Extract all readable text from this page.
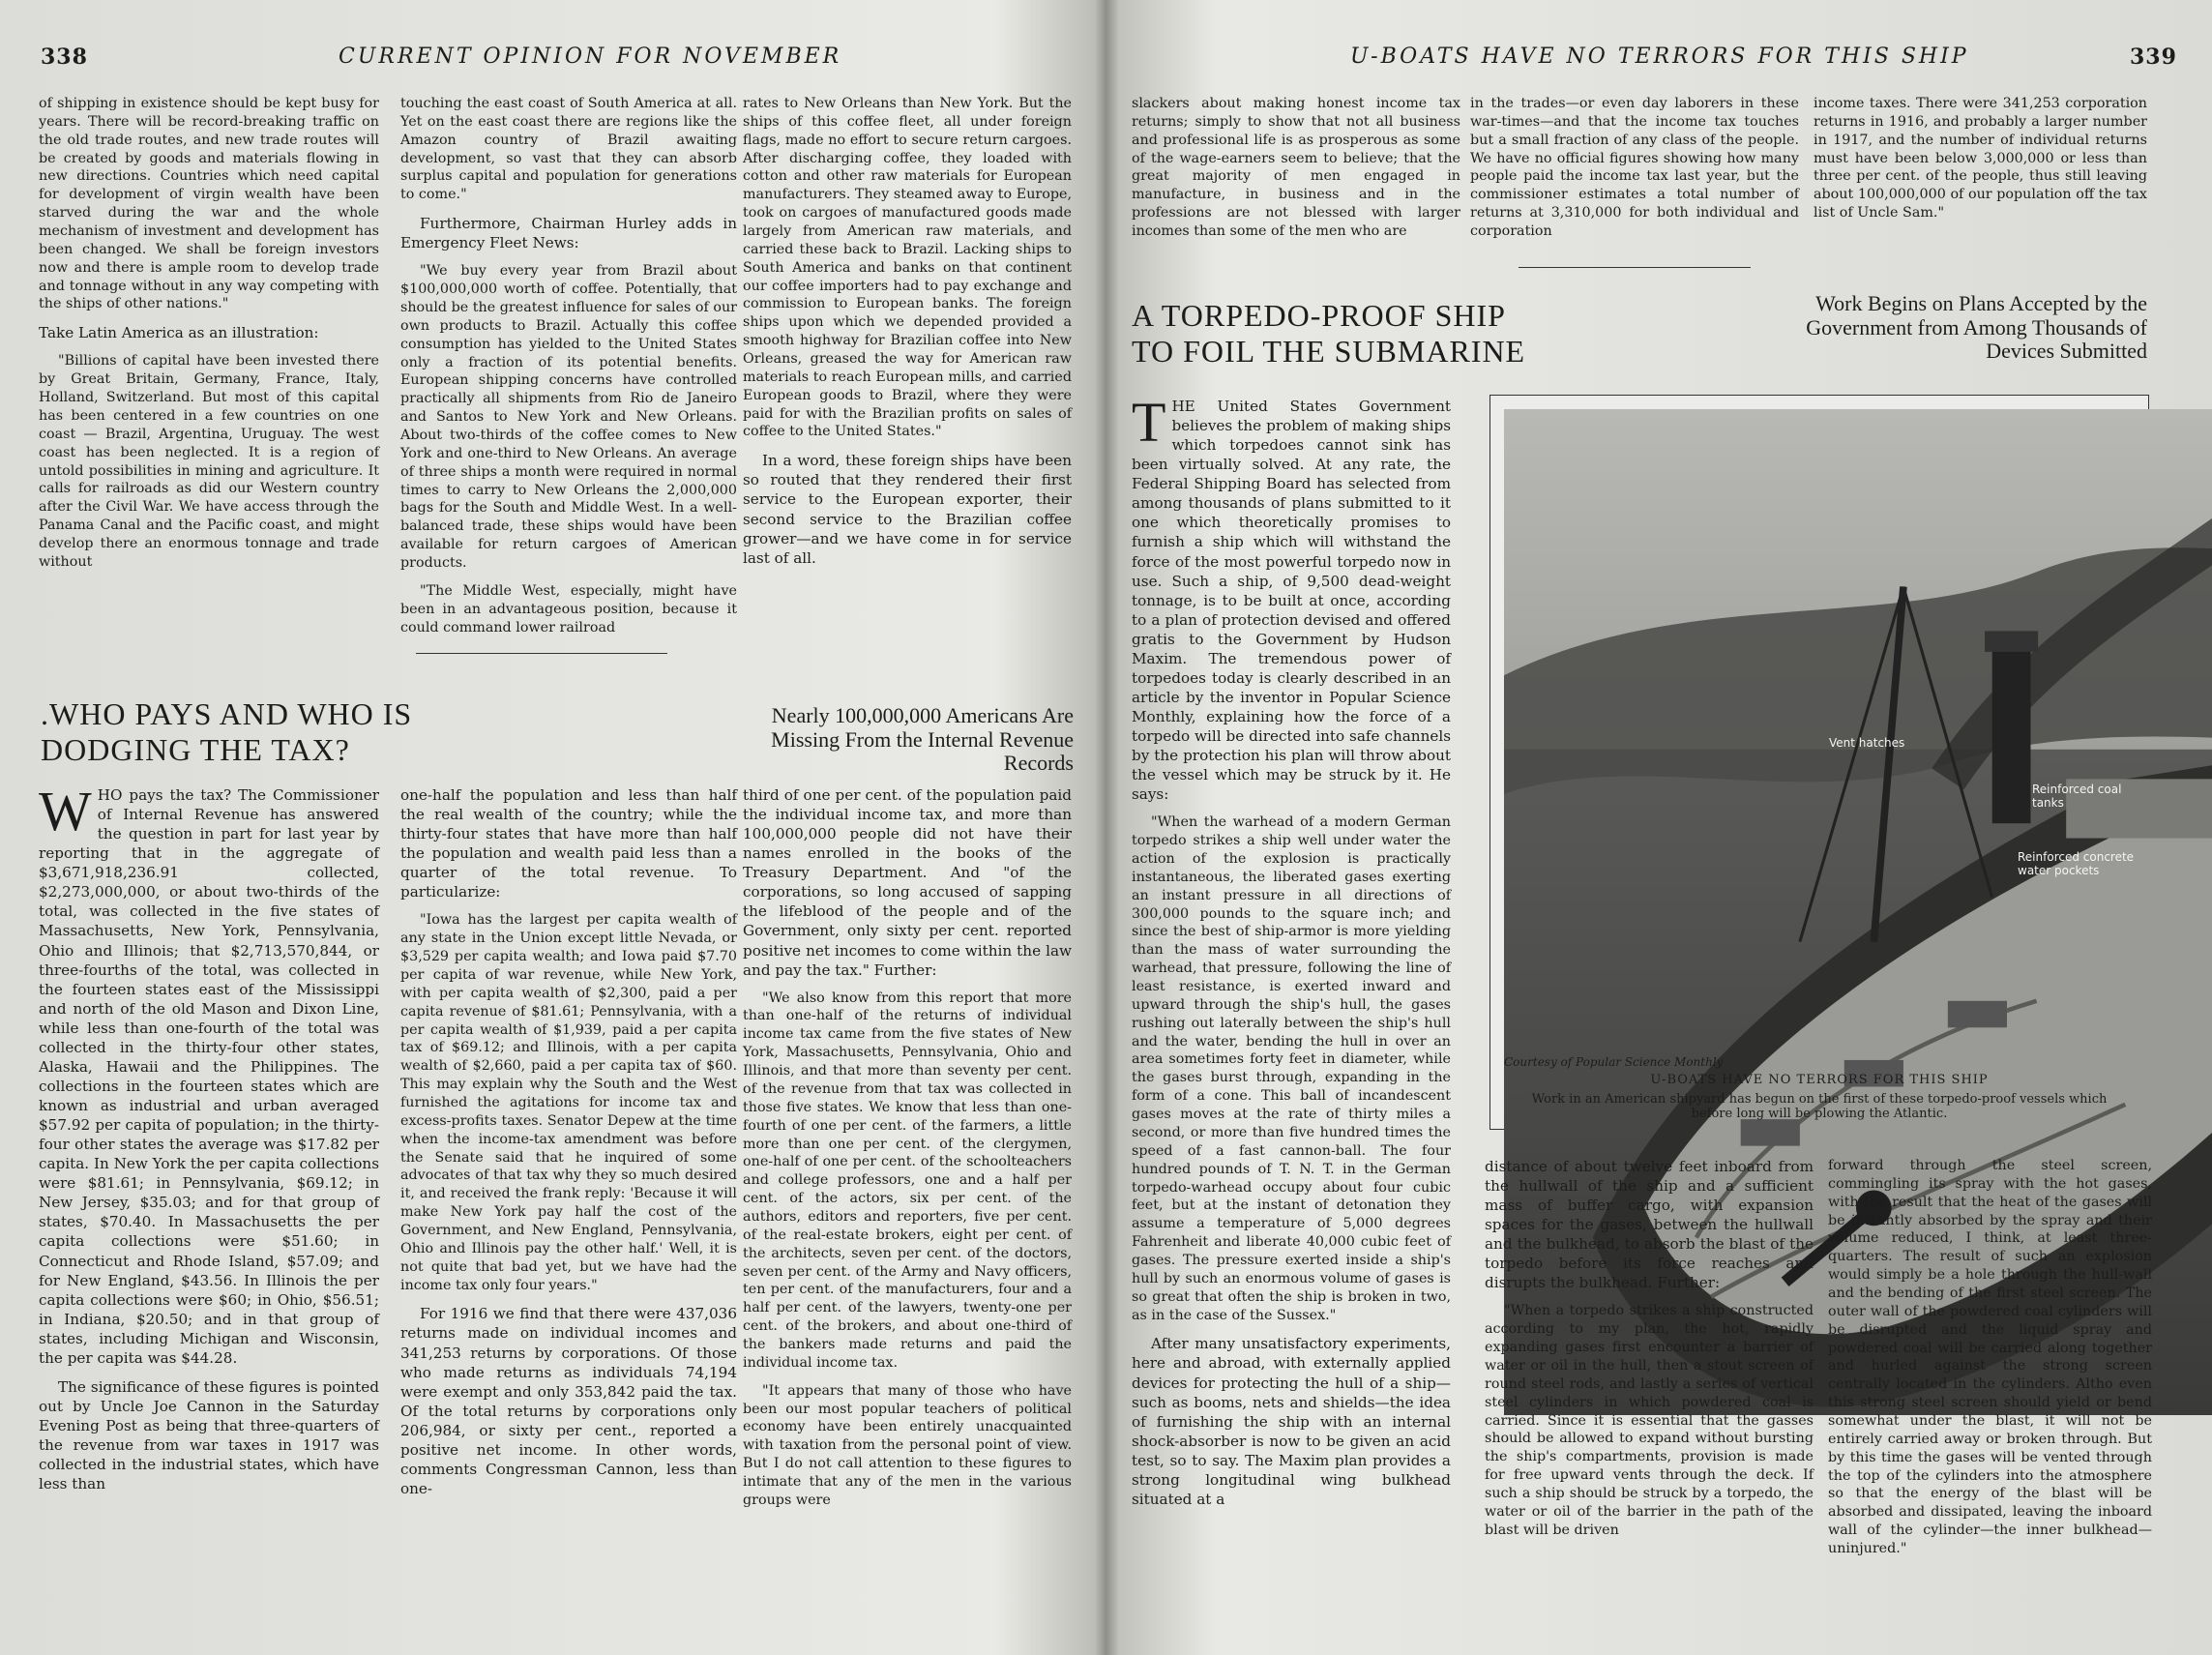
338	CURRENT OPINION FOR NOVEMBER

of shipping in existence should be kept busy for years. There will be record-breaking traffic on the old trade routes, and new trade routes will be created by goods and materials flowing in new directions. Countries which need capital for development of virgin wealth have been starved during the war and the whole mechanism of investment and development has been changed. We shall be foreign investors now and there is ample room to develop trade and tonnage without in any way competing with the ships of other nations."

Take Latin America as an illustration:

"Billions of capital have been invested there by Great Britain, Germany, France, Italy, Holland, Switzerland. But most of this capital has been centered in a few countries on one coast — Brazil, Argentina, Uruguay. The west coast has been neglected. It is a region of untold possibilities in mining and agriculture. It calls for railroads as did our Western country after the Civil War. We have access through the Panama Canal and the Pacific coast, and might develop there an enormous tonnage and trade without

touching the east coast of South America at all. Yet on the east coast there are regions like the Amazon country of Brazil awaiting development, so vast that they can absorb surplus capital and population for generations to come."

Furthermore, Chairman Hurley adds in Emergency Fleet News:

"We buy every year from Brazil about $100,000,000 worth of coffee. Potentially, that should be the greatest influence for sales of our own products to Brazil. Actually this coffee consumption has yielded to the United States only a fraction of its potential benefits. European shipping concerns have controlled practically all shipments from Rio de Janeiro and Santos to New York and New Orleans. About two-thirds of the coffee comes to New York and one-third to New Orleans. An average of three ships a month were required in normal times to carry to New Orleans the 2,000,000 bags for the South and Middle West. In a well-balanced trade, these ships would have been available for return cargoes of American products.

"The Middle West, especially, might have been in an advantageous position, because it could command lower railroad

rates to New Orleans than New York. But the ships of this coffee fleet, all under foreign flags, made no effort to secure return cargoes. After discharging coffee, they loaded with cotton and other raw materials for European manufacturers. They steamed away to Europe, took on cargoes of manufactured goods made largely from American raw materials, and carried these back to Brazil. Lacking ships to South America and banks on that continent our coffee importers had to pay exchange and commission to European banks. The foreign ships upon which we depended provided a smooth highway for Brazilian coffee into New Orleans, greased the way for American raw materials to reach European mills, and carried European goods to Brazil, where they were paid for with the Brazilian profits on sales of coffee to the United States."

In a word, these foreign ships have been so routed that they rendered their first service to the European exporter, their second service to the Brazilian coffee grower—and we have come in for service last of all.

.WHO PAYS AND WHO IS DODGING THE TAX?
Nearly 100,000,000 Americans Are Missing From the Internal Revenue Records

WHO pays the tax? The Commissioner of Internal Revenue has answered the question in part for last year by reporting that in the aggregate of $3,671,918,236.91 collected, $2,273,000,000, or about two-thirds of the total, was collected in the five states of Massachusetts, New York, Pennsylvania, Ohio and Illinois; that $2,713,570,844, or three-fourths of the total, was collected in the fourteen states east of the Mississippi and north of the old Mason and Dixon Line, while less than one-fourth of the total was collected in the thirty-four other states, Alaska, Hawaii and the Philippines. The collections in the fourteen states which are known as industrial and urban averaged $57.92 per capita of population; in the thirty-four other states the average was $17.82 per capita. In New York the per capita collections were $81.61; in Pennsylvania, $69.12; in New Jersey, $35.03; and for that group of states, $70.40. In Massachusetts the per capita collections were $51.60; in Connecticut and Rhode Island, $57.09; and for New England, $43.56. In Illinois the per capita collections were $60; in Ohio, $56.51; in Indiana, $20.50; and in that group of states, including Michigan and Wisconsin, the per capita was $44.28.

The significance of these figures is pointed out by Uncle Joe Cannon in the Saturday Evening Post as being that three-quarters of the revenue from war taxes in 1917 was collected in the industrial states, which have less than

one-half the population and less than half the real wealth of the country; while the thirty-four states that have more than half the population and wealth paid less than a quarter of the total revenue. To particularize:

"Iowa has the largest per capita wealth of any state in the Union except little Nevada, or $3,529 per capita wealth; and Iowa paid $7.70 per capita of war revenue, while New York, with per capita wealth of $2,300, paid a per capita revenue of $81.61; Pennsylvania, with a per capita wealth of $1,939, paid a per capita tax of $69.12; and Illinois, with a per capita wealth of $2,660, paid a per capita tax of $60. This may explain why the South and the West furnished the agitations for income tax and excess-profits taxes. Senator Depew at the time when the income-tax amendment was before the Senate said that he inquired of some advocates of that tax why they so much desired it, and received the frank reply: 'Because it will make New York pay half the cost of the Government, and New England, Pennsylvania, Ohio and Illinois pay the other half.' Well, it is not quite that bad yet, but we have had the income tax only four years."

For 1916 we find that there were 437,036 returns made on individual incomes and 341,253 returns by corporations. Of those who made returns as individuals 74,194 were exempt and only 353,842 paid the tax. Of the total returns by corporations only 206,984, or sixty per cent., reported a positive net income. In other words, comments Congressman Cannon, less than one-

third of one per cent. of the population paid the individual income tax, and more than 100,000,000 people did not have their names enrolled in the books of the Treasury Department. And "of the corporations, so long accused of sapping the lifeblood of the people and of the Government, only sixty per cent. reported positive net incomes to come within the law and pay the tax." Further:

"We also know from this report that more than one-half of the returns of individual income tax came from the five states of New York, Massachusetts, Pennsylvania, Ohio and Illinois, and that more than seventy per cent. of the revenue from that tax was collected in those five states. We know that less than one-fourth of one per cent. of the farmers, a little more than one per cent. of the clergymen, one-half of one per cent. of the schoolteachers and college professors, one and a half per cent. of the actors, six per cent. of the authors, editors and reporters, five per cent. of the real-estate brokers, eight per cent. of the architects, seven per cent. of the doctors, seven per cent. of the Army and Navy officers, ten per cent. of the manufacturers, four and a half per cent. of the lawyers, twenty-one per cent. of the brokers, and about one-third of the bankers made returns and paid the individual income tax.

"It appears that many of those who have been our most popular teachers of political economy have been entirely unacquainted with taxation from the personal point of view. But I do not call attention to these figures to intimate that any of the men in the various groups were

U-BOATS HAVE NO TERRORS FOR THIS SHIP	339

slackers about making honest income tax returns; simply to show that not all business and professional life is as prosperous as some of the wage-earners seem to believe; that the great majority of men engaged in manufacture, in business and in the professions are not blessed with larger incomes than some of the men who are

in the trades—or even day laborers in these war-times—and that the income tax touches but a small fraction of any class of the people. We have no official figures showing how many people paid the income tax last year, but the commissioner estimates a total number of returns at 3,310,000 for both individual and corporation

income taxes. There were 341,253 corporation returns in 1916, and probably a larger number in 1917, and the number of individual returns must have been below 3,000,000 or less than three per cent. of the people, thus still leaving about 100,000,000 of our population off the tax list of Uncle Sam."

A TORPEDO-PROOF SHIP TO FOIL THE SUBMARINE
Work Begins on Plans Accepted by the Government from Among Thousands of Devices Submitted

THE United States Government believes the problem of making ships which torpedoes cannot sink has been virtually solved. At any rate, the Federal Shipping Board has selected from among thousands of plans submitted to it one which theoretically promises to furnish a ship which will withstand the force of the most powerful torpedo now in use. Such a ship, of 9,500 dead-weight tonnage, is to be built at once, according to a plan of protection devised and offered gratis to the Government by Hudson Maxim. The tremendous power of torpedoes today is clearly described in an article by the inventor in Popular Science Monthly, explaining how the force of a torpedo will be directed into safe channels by the protection his plan will throw about the vessel which may be struck by it. He says:

"When the warhead of a modern German torpedo strikes a ship well under water the action of the explosion is practically instantaneous, the liberated gases exerting an instant pressure in all directions of 300,000 pounds to the square inch; and since the best of ship-armor is more yielding than the mass of water surrounding the warhead, that pressure, following the line of least resistance, is exerted inward and upward through the ship's hull, the gases rushing out laterally between the ship's hull and the water, bending the hull in over an area sometimes forty feet in diameter, while the gases burst through, expanding in the form of a cone. This ball of incandescent gases moves at the rate of thirty miles a second, or more than five hundred times the speed of a fast cannon-ball. The four hundred pounds of T. N. T. in the German torpedo-warhead occupy about four cubic feet, but at the instant of detonation they assume a temperature of 5,000 degrees Fahrenheit and liberate 40,000 cubic feet of gases. The pressure exerted inside a ship's hull by such an enormous volume of gases is so great that often the ship is broken in two, as in the case of the Sussex."

After many unsatisfactory experiments, here and abroad, with externally applied devices for protecting the hull of a ship—such as booms, nets and shields—the idea of furnishing the ship with an internal shock-absorber is now to be given an acid test, so to say. The Maxim plan provides a strong longitudinal wing bulkhead situated at a

Vent hatches
Reinforced coal tanks
Reinforced concrete water pockets
Courtesy of Popular Science Monthly
U-BOATS HAVE NO TERRORS FOR THIS SHIP
Work in an American shipyard has begun on the first of these torpedo-proof vessels which before long will be plowing the Atlantic.

distance of about twelve feet inboard from the hullwall of the ship and a sufficient mass of buffer cargo, with expansion spaces for the gases, between the hullwall and the bulkhead, to absorb the blast of the torpedo before its force reaches and disrupts the bulkhead. Further:

"When a torpedo strikes a ship constructed according to my plan, the hot, rapidly expanding gases first encounter a barrier of water or oil in the hull, then a stout screen of round steel rods, and lastly a series of vertical steel cylinders in which powdered coal is carried. Since it is essential that the gasses should be allowed to expand without bursting the ship's compartments, provision is made for free upward vents through the deck. If such a ship should be struck by a torpedo, the water or oil of the barrier in the path of the blast will be driven

forward through the steel screen, commingling its spray with the hot gases, with the result that the heat of the gases will be instantly absorbed by the spray and their volume reduced, I think, at least three-quarters. The result of such an explosion would simply be a hole through the hull-wall and the bending of the first steel screen. The outer wall of the powdered coal cylinders will be disrupted and the liquid spray and powdered coal will be carried along together and hurled against the strong screen centrally located in the cylinders. Altho even this strong steel screen should yield or bend somewhat under the blast, it will not be entirely carried away or broken through. But by this time the gases will be vented through the top of the cylinders into the atmosphere so that the energy of the blast will be absorbed and dissipated, leaving the inboard wall of the cylinder—the inner bulkhead—uninjured."
